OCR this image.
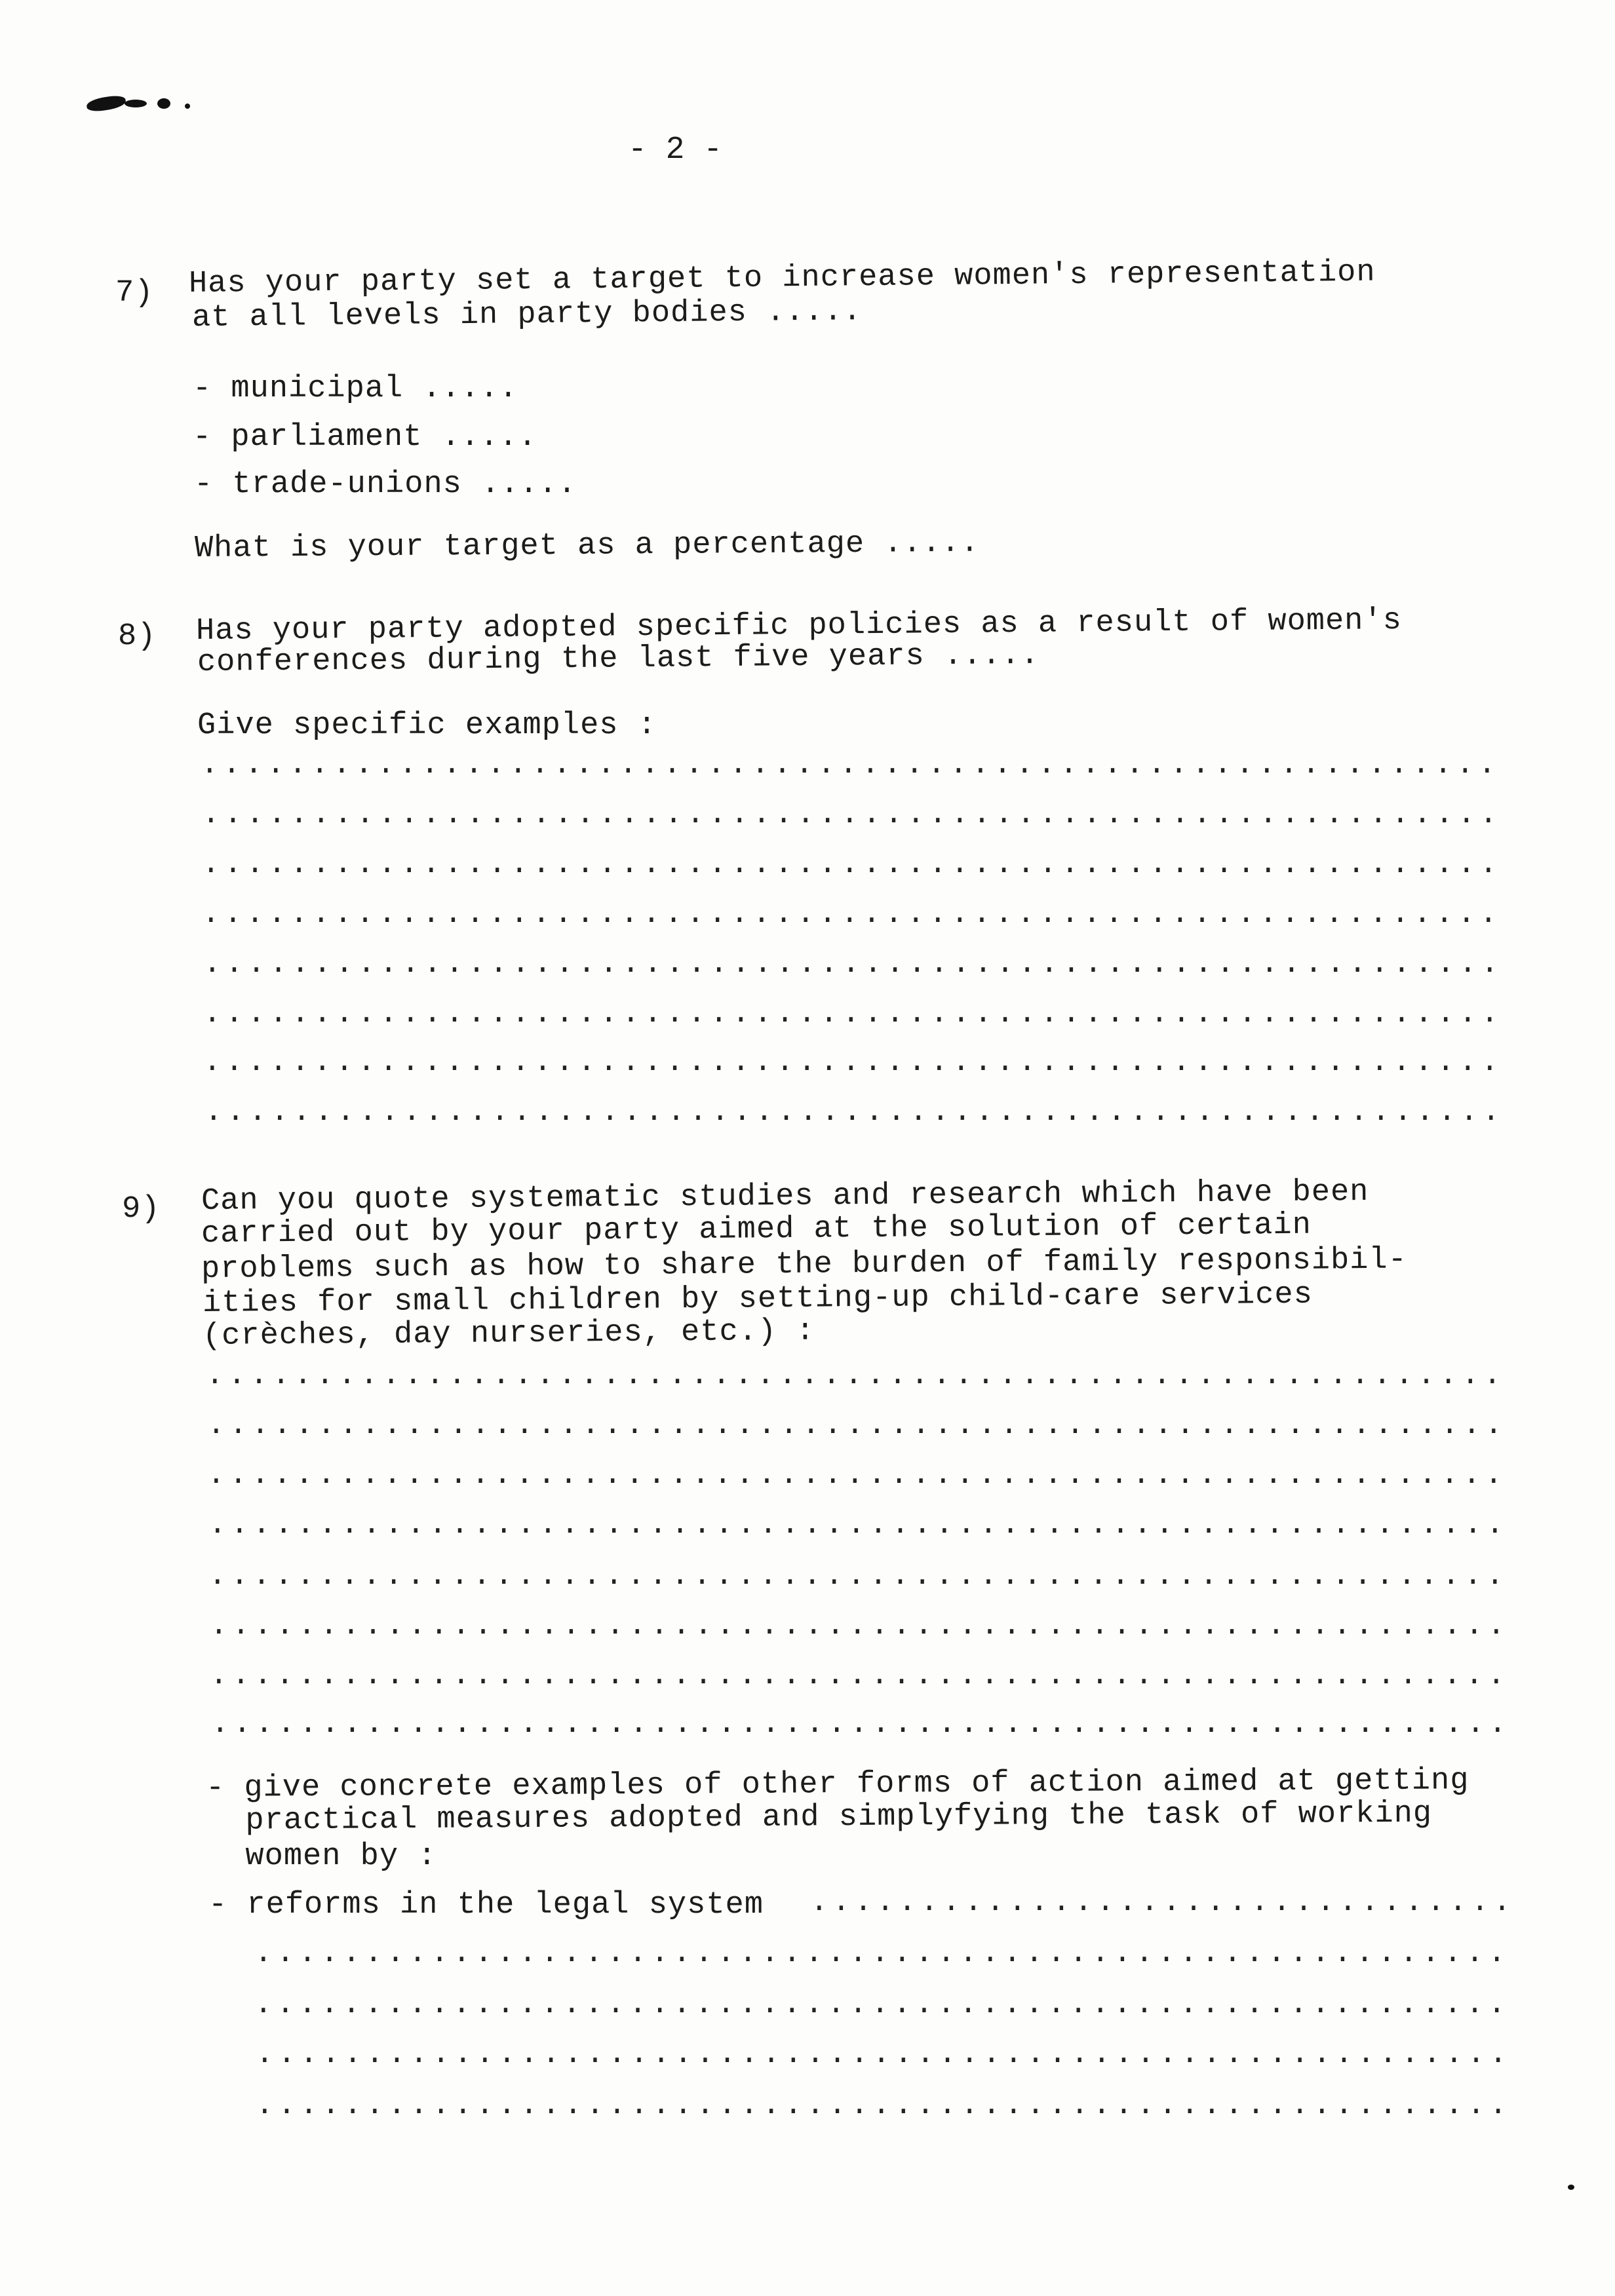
- 2 -
7) Has your party set a target to increase women's representation
at all levels in party bodies .....
- municipal .....
- parliament .....
- trade-unions .....
What is your target as a percentage .....
8) Has your party adopted specific policies as a result of women's
conferences during the last five years .....
Give specific examples :
.....
.....
.....
.....
.....
.....
.....
.....
9) Can you quote systematic studies and research which have been
carried out by your party aimed at the solution of certain
problems such as how to share the burden of family responsibil-
ities for small children by setting-up child-care services
(crèches, day nurseries, etc.) :
.....
.....
.....
.....
.....
.....
.....
.....
- give concrete examples of other forms of action aimed at getting
practical measures adopted and simplyfying the task of working
women by :
- reforms in the legal system
.....
.....
.....
.....
.....
